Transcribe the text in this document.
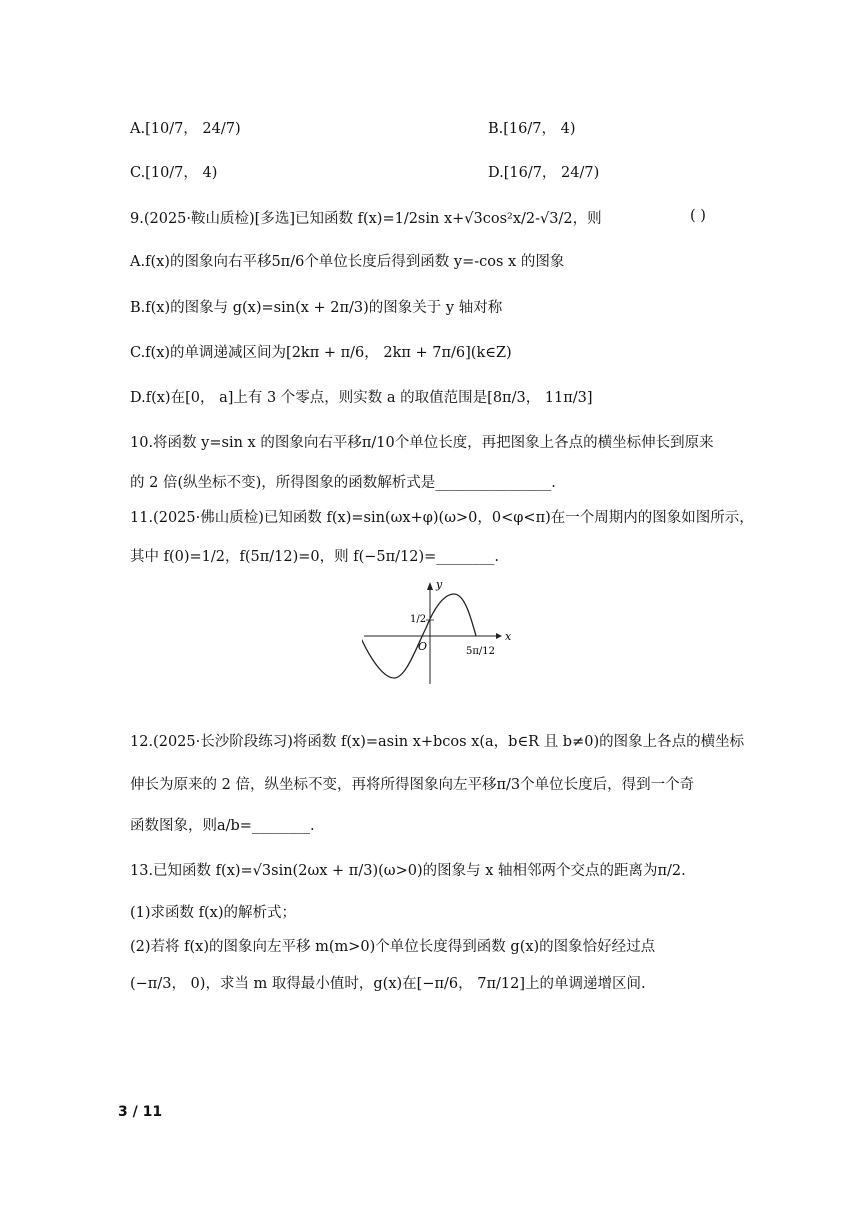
A.[10/7， 24/7)	B.[16/7， 4)
C.[10/7， 4)	D.[16/7， 24/7)
9.(2025·鞍山质检)[多选]已知函数 f(x)=1/2sin x+√3cos²x/2-√3/2，则	( )
A.f(x)的图象向右平移5π/6个单位长度后得到函数 y=-cos x 的图象
B.f(x)的图象与 g(x)=sin(x + 2π/3)的图象关于 y 轴对称
C.f(x)的单调递减区间为[2kπ + π/6， 2kπ + 7π/6](k∈Z)
D.f(x)在[0， a]上有 3 个零点，则实数 a 的取值范围是[8π/3， 11π/3]
10.将函数 y=sin x 的图象向右平移π/10个单位长度，再把图象上各点的横坐标伸长到原来
的 2 倍(纵坐标不变)，所得图象的函数解析式是________________.
11.(2025·佛山质检)已知函数 f(x)=sin(ωx+φ)(ω>0，0<φ<π)在一个周期内的图象如图所示，
其中 f(0)=1/2，f(5π/12)=0，则 f(−5π/12)=________.
y
x
O
1/2
5π/12
12.(2025·长沙阶段练习)将函数 f(x)=asin x+bcos x(a，b∈R 且 b≠0)的图象上各点的横坐标
伸长为原来的 2 倍，纵坐标不变，再将所得图象向左平移π/3个单位长度后，得到一个奇
函数图象，则a/b=________.
13.已知函数 f(x)=√3sin(2ωx + π/3)(ω>0)的图象与 x 轴相邻两个交点的距离为π/2.
(1)求函数 f(x)的解析式；
(2)若将 f(x)的图象向左平移 m(m>0)个单位长度得到函数 g(x)的图象恰好经过点
(−π/3， 0)，求当 m 取得最小值时，g(x)在[−π/6， 7π/12]上的单调递增区间.
3 / 11
